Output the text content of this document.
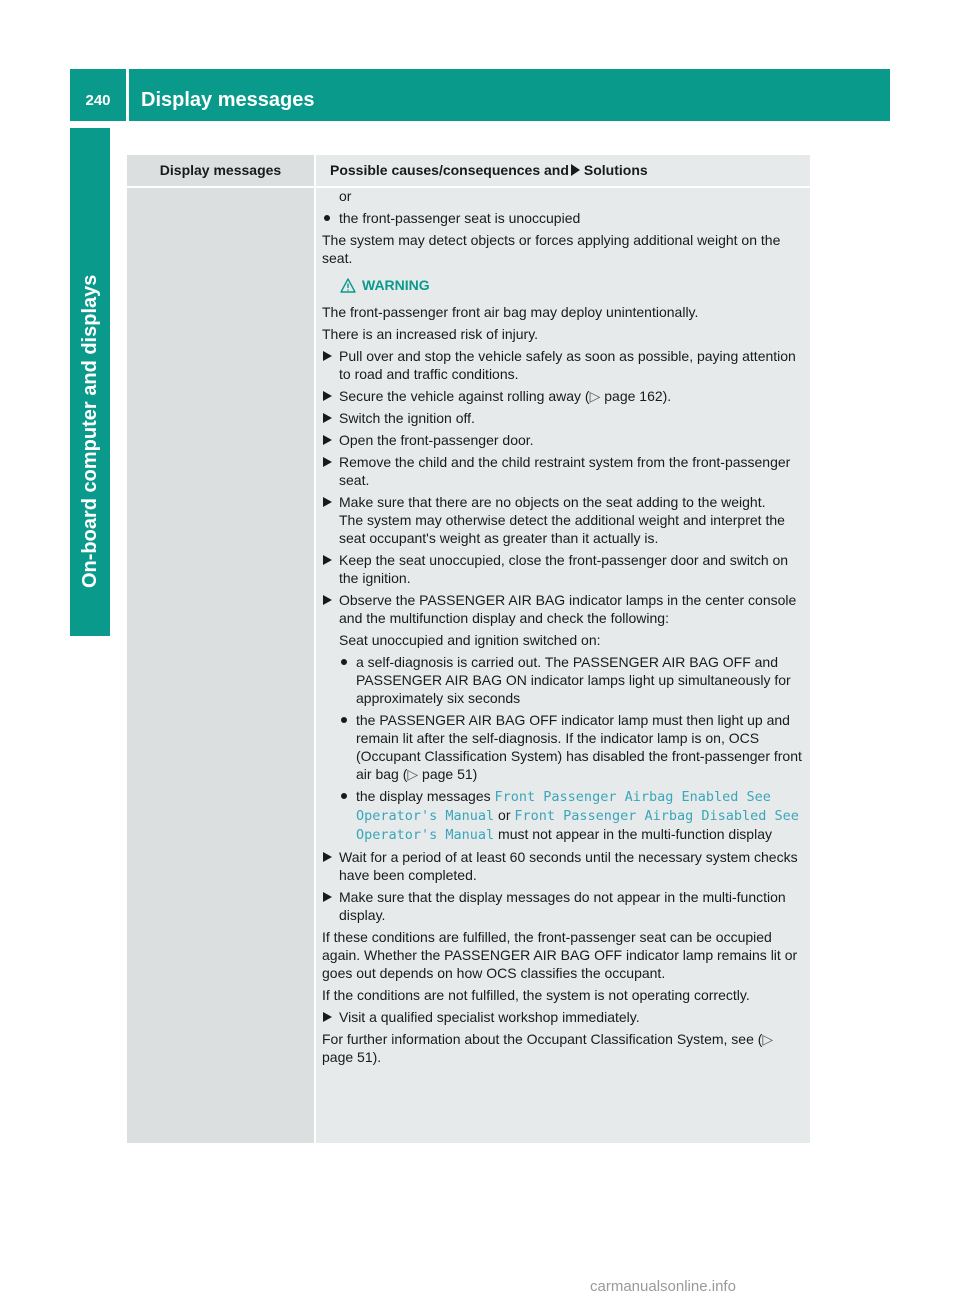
240	Display messages
On-board computer and displays
Display messages	Possible causes/consequences and Solutions

or

the front-passenger seat is unoccupied

The system may detect objects or forces applying additional weight on the seat.

WARNING

The front-passenger front air bag may deploy unintentionally.

There is an increased risk of injury.

Pull over and stop the vehicle safely as soon as possible, paying attention to road and traffic conditions.
Secure the vehicle against rolling away (▷ page 162).
Switch the ignition off.
Open the front-passenger door.
Remove the child and the child restraint system from the front-passenger seat.
Make sure that there are no objects on the seat adding to the weight.
The system may otherwise detect the additional weight and interpret the seat occupant's weight as greater than it actually is.
Keep the seat unoccupied, close the front-passenger door and switch on the ignition.
Observe the PASSENGER AIR BAG indicator lamps in the center console and the multifunction display and check the following:

Seat unoccupied and ignition switched on:

a self-diagnosis is carried out. The PASSENGER AIR BAG OFF and PASSENGER AIR BAG ON indicator lamps light up simultaneously for approximately six seconds
the PASSENGER AIR BAG OFF indicator lamp must then light up and remain lit after the self-diagnosis. If the indicator lamp is on, OCS (Occupant Classification System) has disabled the front-passenger front air bag (▷ page 51)
the display messages Front Passenger Airbag Enabled See Operator's Manual or Front Passenger Airbag Disabled See Operator's Manual must not appear in the multi-function display
Wait for a period of at least 60 seconds until the necessary system checks have been completed.
Make sure that the display messages do not appear in the multi-function display.

If these conditions are fulfilled, the front-passenger seat can be occupied again. Whether the PASSENGER AIR BAG OFF indicator lamp remains lit or goes out depends on how OCS classifies the occupant.

If the conditions are not fulfilled, the system is not operating correctly.

Visit a qualified specialist workshop immediately.

For further information about the Occupant Classification System, see (▷ page 51).

carmanualsonline.info
